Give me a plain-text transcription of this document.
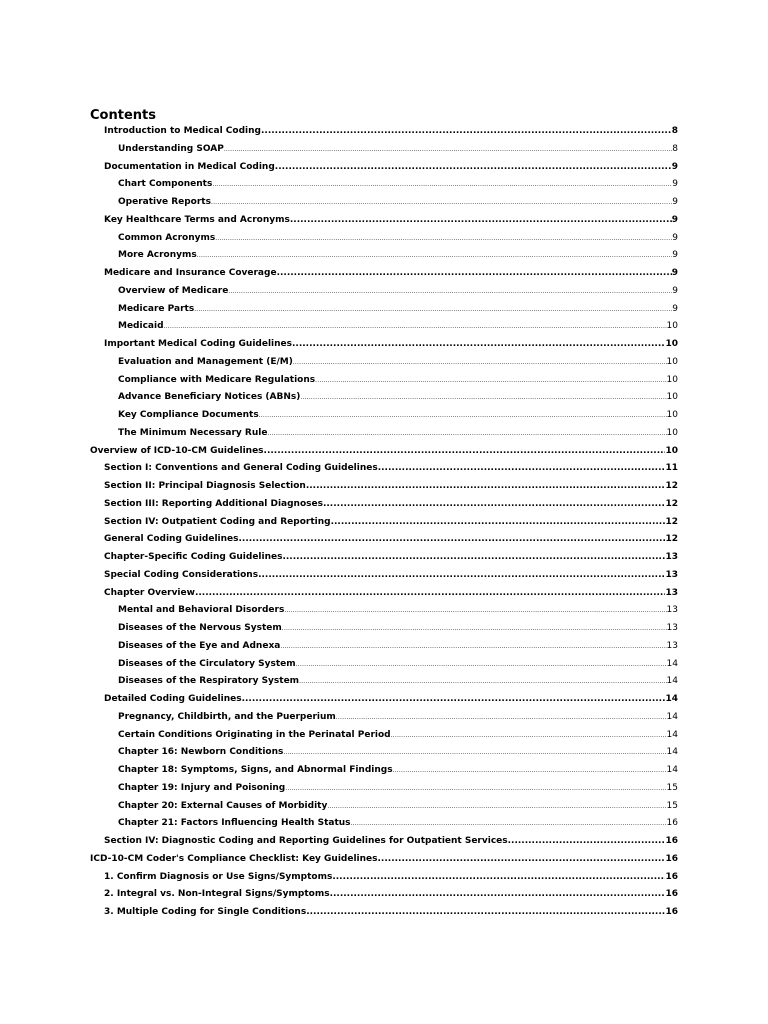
Contents
Introduction to Medical Coding .....	8
Understanding SOAP .....	8
Documentation in Medical Coding .....	9
Chart Components .....	9
Operative Reports .....	9
Key Healthcare Terms and Acronyms .....	9
Common Acronyms .....	9
More Acronyms .....	9
Medicare and Insurance Coverage .....	9
Overview of Medicare .....	9
Medicare Parts .....	9
Medicaid .....	10
Important Medical Coding Guidelines .....	10
Evaluation and Management (E/M) .....	10
Compliance with Medicare Regulations .....	10
Advance Beneficiary Notices (ABNs) .....	10
Key Compliance Documents .....	10
The Minimum Necessary Rule .....	10
Overview of ICD-10-CM Guidelines .....	10
Section I: Conventions and General Coding Guidelines .....	11
Section II: Principal Diagnosis Selection .....	12
Section III: Reporting Additional Diagnoses .....	12
Section IV: Outpatient Coding and Reporting .....	12
General Coding Guidelines .....	12
Chapter-Specific Coding Guidelines .....	13
Special Coding Considerations .....	13
Chapter Overview .....	13
Mental and Behavioral Disorders .....	13
Diseases of the Nervous System .....	13
Diseases of the Eye and Adnexa .....	13
Diseases of the Circulatory System .....	14
Diseases of the Respiratory System .....	14
Detailed Coding Guidelines .....	14
Pregnancy, Childbirth, and the Puerperium .....	14
Certain Conditions Originating in the Perinatal Period .....	14
Chapter 16: Newborn Conditions .....	14
Chapter 18: Symptoms, Signs, and Abnormal Findings .....	14
Chapter 19: Injury and Poisoning .....	15
Chapter 20: External Causes of Morbidity .....	15
Chapter 21: Factors Influencing Health Status .....	16
Section IV: Diagnostic Coding and Reporting Guidelines for Outpatient Services .....	16
ICD-10-CM Coder's Compliance Checklist: Key Guidelines .....	16
1. Confirm Diagnosis or Use Signs/Symptoms .....	16
2. Integral vs. Non-Integral Signs/Symptoms .....	16
3. Multiple Coding for Single Conditions .....	16
